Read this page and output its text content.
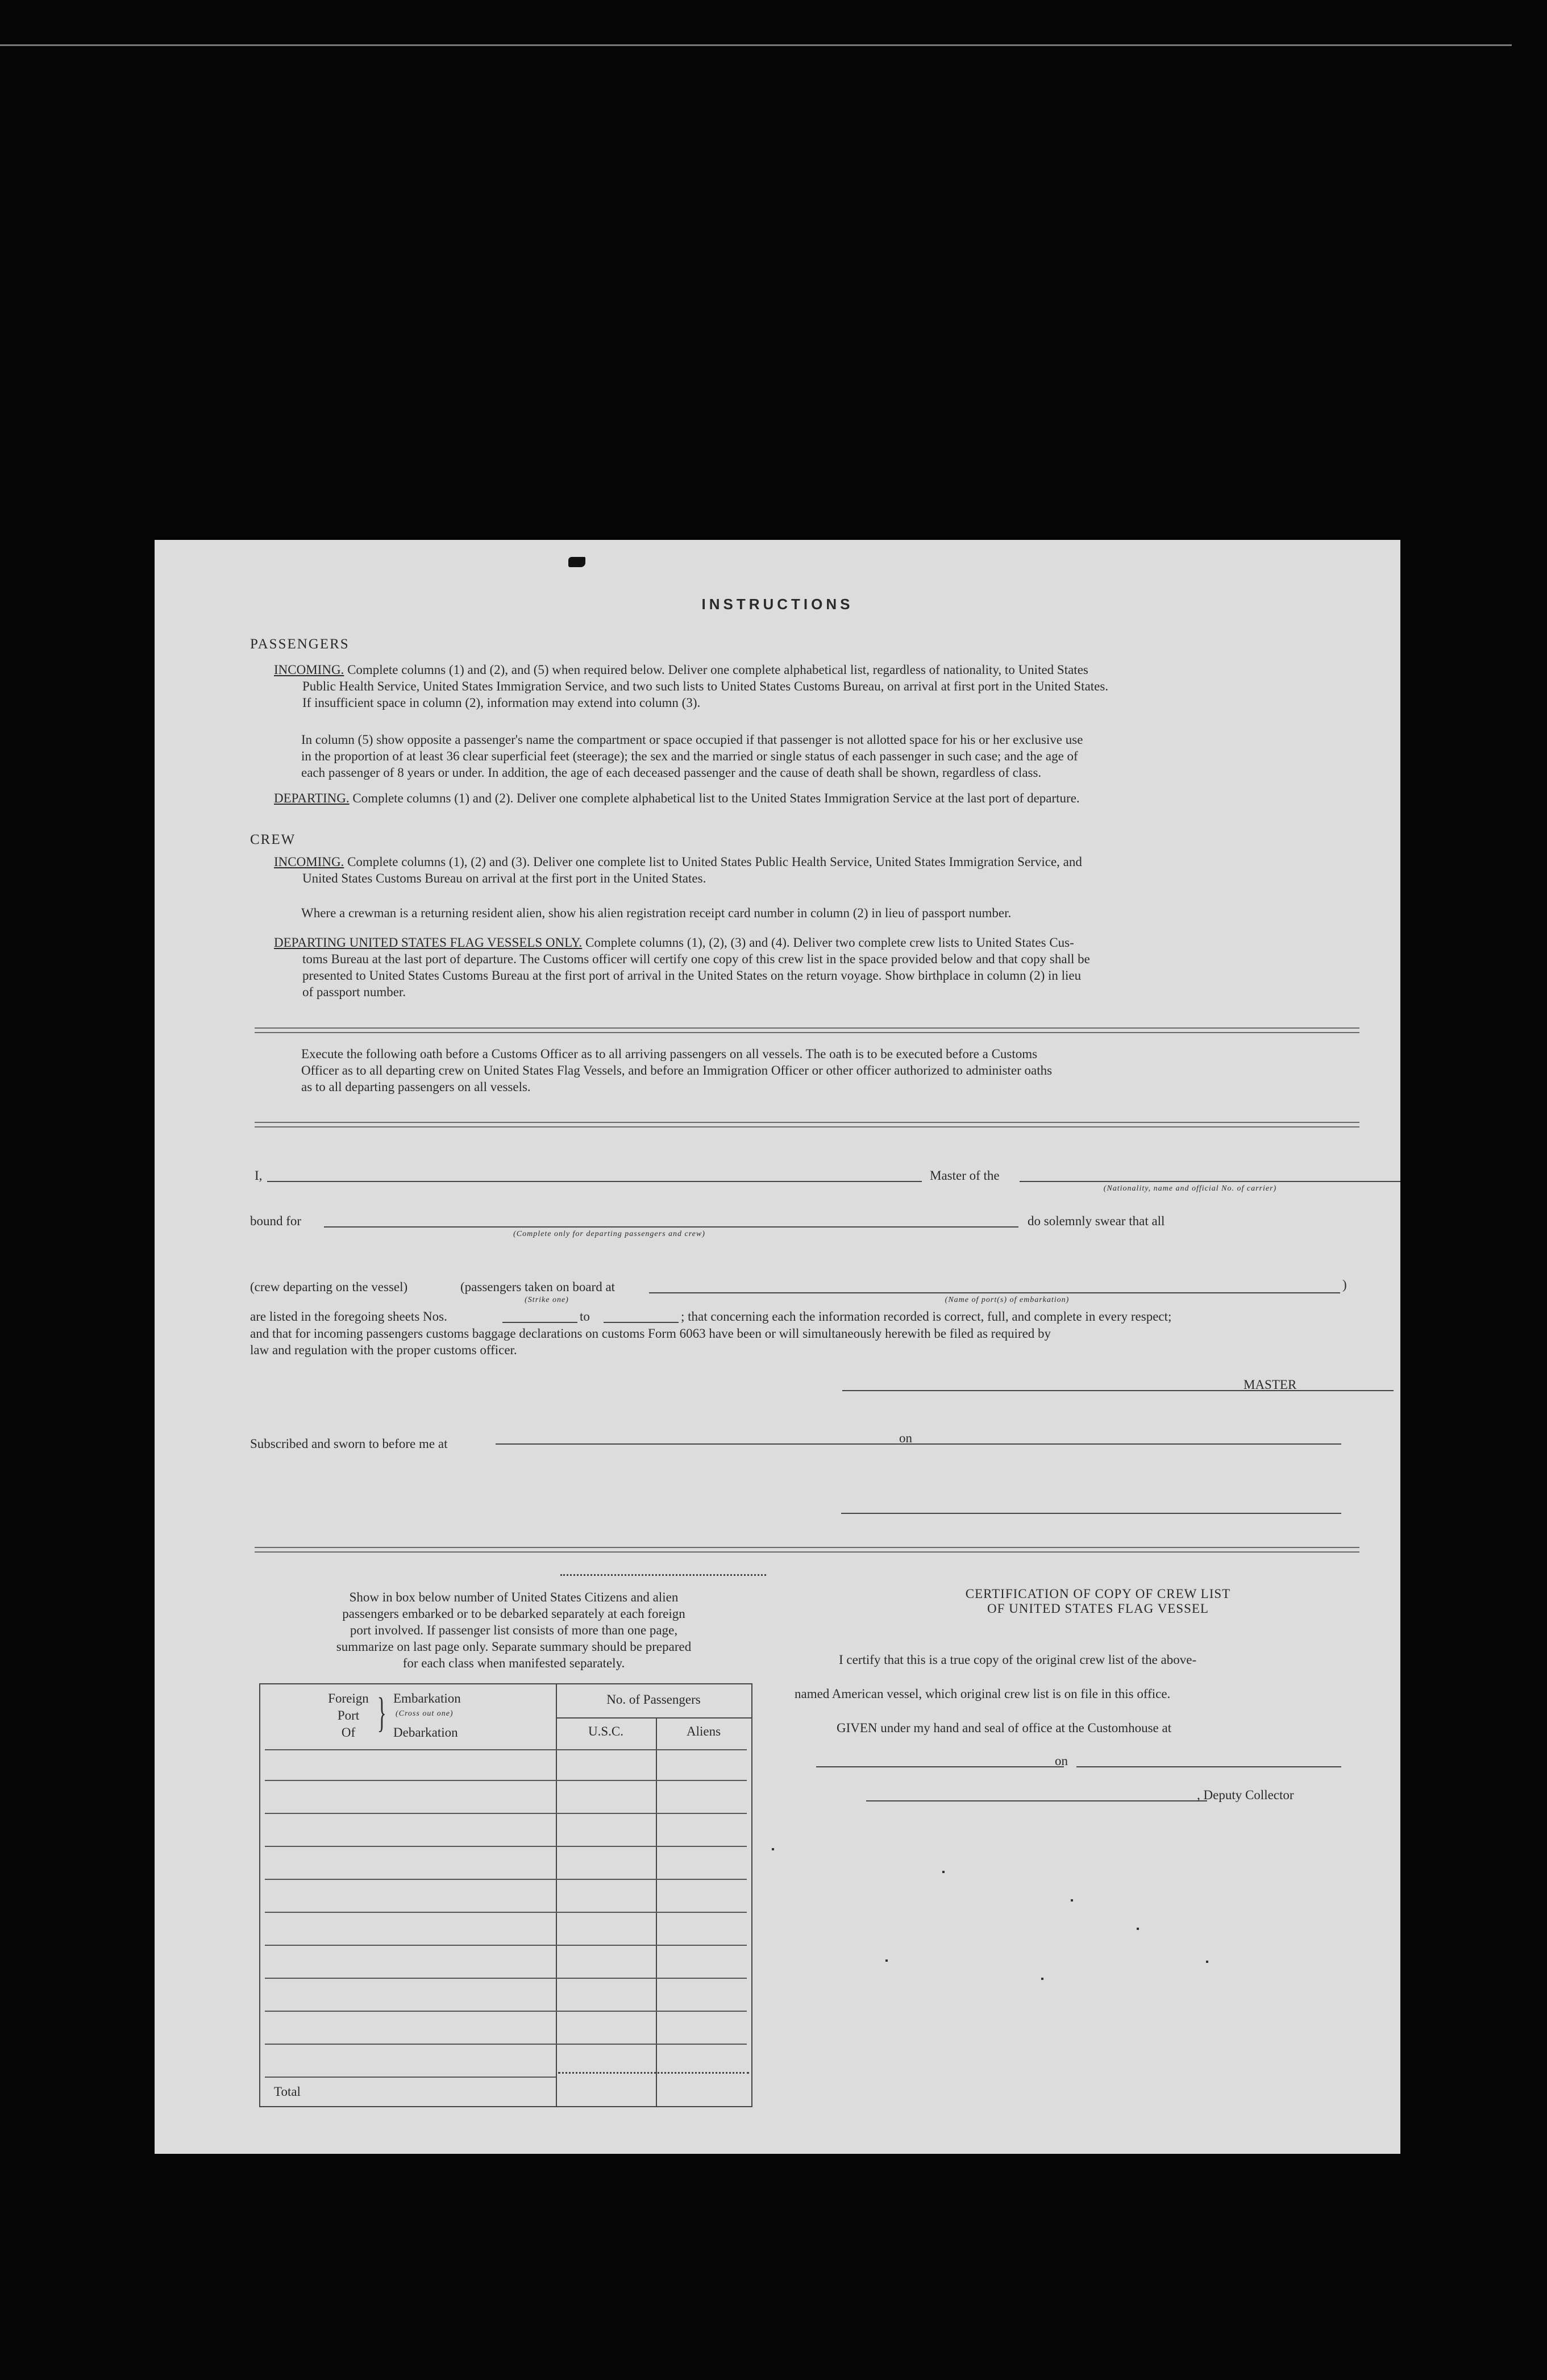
INSTRUCTIONS
PASSENGERS
INCOMING. Complete columns (1) and (2), and (5) when required below. Deliver one complete alphabetical list, regardless of nationality, to United States
Public Health Service, United States Immigration Service, and two such lists to United States Customs Bureau, on arrival at first port in the United States.
If insufficient space in column (2), information may extend into column (3).
In column (5) show opposite a passenger's name the compartment or space occupied if that passenger is not allotted space for his or her exclusive use
in the proportion of at least 36 clear superficial feet (steerage); the sex and the married or single status of each passenger in such case; and the age of
each passenger of 8 years or under. In addition, the age of each deceased passenger and the cause of death shall be shown, regardless of class.
DEPARTING. Complete columns (1) and (2). Deliver one complete alphabetical list to the United States Immigration Service at the last port of departure.
CREW
INCOMING. Complete columns (1), (2) and (3). Deliver one complete list to United States Public Health Service, United States Immigration Service, and
United States Customs Bureau on arrival at the first port in the United States.
Where a crewman is a returning resident alien, show his alien registration receipt card number in column (2) in lieu of passport number.
DEPARTING UNITED STATES FLAG VESSELS ONLY. Complete columns (1), (2), (3) and (4). Deliver two complete crew lists to United States Cus-
toms Bureau at the last port of departure. The Customs officer will certify one copy of this crew list in the space provided below and that copy shall be
presented to United States Customs Bureau at the first port of arrival in the United States on the return voyage. Show birthplace in column (2) in lieu
of passport number.
Execute the following oath before a Customs Officer as to all arriving passengers on all vessels. The oath is to be executed before a Customs
Officer as to all departing crew on United States Flag Vessels, and before an Immigration Officer or other officer authorized to administer oaths
as to all departing passengers on all vessels.
I,	Master of the
(Nationality, name and official No. of carrier)
bound for
(Complete only for departing passengers and crew)
do solemnly swear that all
(crew departing on the vessel)	(passengers taken on board at
(Strike one)
)
(Name of port(s) of embarkation)
are listed in the foregoing sheets Nos.	to	; that concerning each the information recorded is correct, full, and complete in every respect;
and that for incoming passengers customs baggage declarations on customs Form 6063 have been or will simultaneously herewith be filed as required by
law and regulation with the proper customs officer.
MASTER
Subscribed and sworn to before me at	on
Show in box below number of United States Citizens and alien
passengers embarked or to be debarked separately at each foreign
port involved. If passenger list consists of more than one page,
summarize on last page only. Separate summary should be prepared
for each class when manifested separately.
Foreign
Port
Of } Embarkation
(Cross out one)
Debarkation
No. of Passengers
U.S.C.	Aliens
Total
CERTIFICATION OF COPY OF CREW LIST
OF UNITED STATES FLAG VESSEL
I certify that this is a true copy of the original crew list of the above-
named American vessel, which original crew list is on file in this office.
GIVEN under my hand and seal of office at the Customhouse at
on
, Deputy Collector
